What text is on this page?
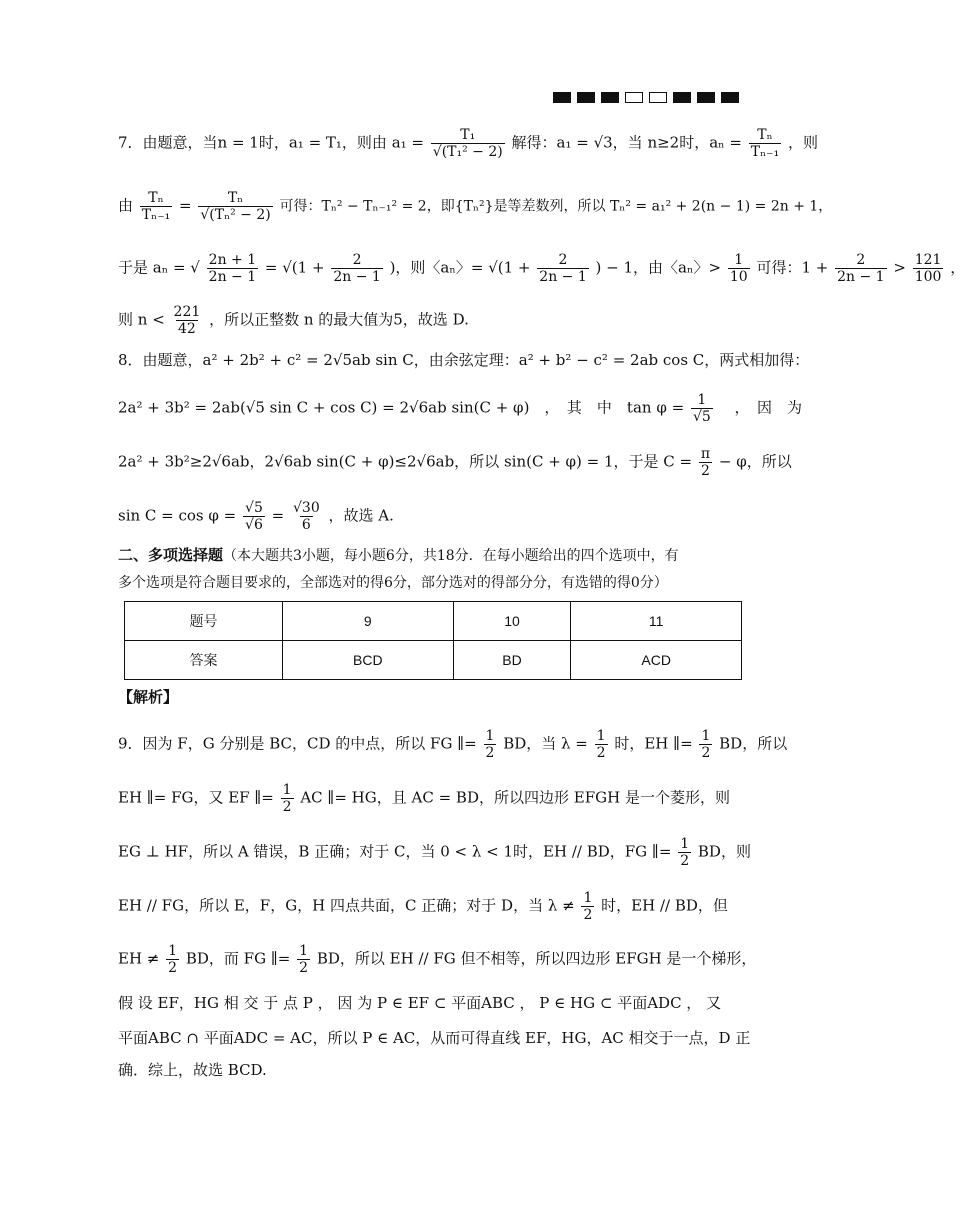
7．由题意，当n = 1时，a₁ = T₁，则由 $a_1 = \frac{\text{T₁}}{\text{√(T₁² − 2)}}$ 解得：a₁ = √3，当 n≥2时，$a_n = \frac{\text{Tₙ}}{\text{Tₙ₋₁}}$ ，则
由 $\frac{\text{Tₙ}}{\text{Tₙ₋₁}} = \frac{\text{Tₙ}}{\text{√(Tₙ² − 2)}}$ 可得：Tₙ² − Tₙ₋₁² = 2，即{Tₙ²}是等差数列，所以 Tₙ² = a₁² + 2(n − 1) = 2n + 1，
于是 aₙ = √ $\frac{2n + 1}{2n - 1} = √(1 + \frac{2}{2n - 1}$ )，则〈aₙ〉= $√(1 + \frac{2}{2n - 1}$ ) − 1，由〈aₙ〉> $\frac{1}{10}$ 可得：$1 + \frac{2}{2n - 1} > \frac{121}{100}$ ，
则 $n < \frac{221}{42}$ ，所以正整数 n 的最大值为5，故选 D.
8．由题意，a² + 2b² + c² = 2√5ab sin C，由余弦定理：a² + b² − c² = 2ab cos C，两式相加得：
2a² + 3b² = 2ab(√5 sin C + cos C) = 2√6ab sin(C + φ)　，　其　中　$\tan \varphi = \frac{1}{√5}$ 　，　因　为
2a² + 3b²≥2√6ab，2√6ab sin(C + φ)≤2√6ab，所以 sin(C + φ) = 1，于是 $C = \frac{\pi}{2} - \varphi$，所以
$\sin C = \cos \varphi = \frac{√5}{√6} = \frac{√30}{6}$ ，故选 A.
二、多项选择题（本大题共3小题，每小题6分，共18分．在每小题给出的四个选项中，有
多个选项是符合题目要求的，全部选对的得6分，部分选对的得部分分，有选错的得0分）
题号	9	10	11
答案	BCD	BD	ACD
【解析】
9．因为 F，G 分别是 BC，CD 的中点，所以 FG ∥= $\frac{1}{2}$ BD，当 $\lambda = \frac{1}{2}$ 时，EH ∥= $\frac{1}{2}$ BD，所以
EH ∥= FG，又 EF ∥= $\frac{1}{2}$ AC ∥= HG，且 AC = BD，所以四边形 EFGH 是一个菱形，则
EG ⊥ HF，所以 A 错误，B 正确；对于 C，当 0 < λ < 1时，EH // BD，FG ∥= $\frac{1}{2}$ BD，则
EH // FG，所以 E，F，G，H 四点共面，C 正确；对于 D，当 $\lambda \ne \frac{1}{2}$ 时，EH // BD，但
EH ≠ $\frac{1}{2}$ BD，而 FG ∥= $\frac{1}{2}$ BD，所以 EH // FG 但不相等，所以四边形 EFGH 是一个梯形，
假 设 EF，HG 相 交 于 点 P ， 因 为 P ∈ EF ⊂ 平面ABC ， P ∈ HG ⊂ 平面ADC ， 又
平面ABC ∩ 平面ADC = AC，所以 P ∈ AC，从而可得直线 EF，HG，AC 相交于一点，D 正
确．综上，故选 BCD.
